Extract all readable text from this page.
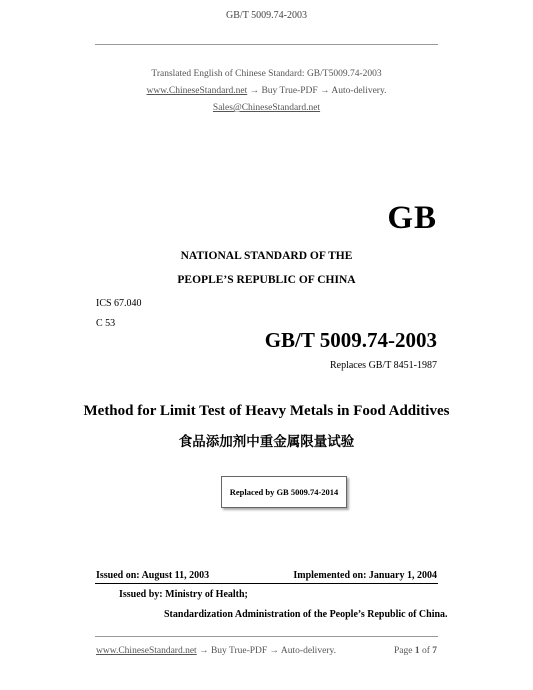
GB/T 5009.74-2003
Translated English of Chinese Standard: GB/T5009.74-2003
www.ChineseStandard.net → Buy True-PDF → Auto-delivery.
Sales@ChineseStandard.net
GB
NATIONAL STANDARD OF THE
PEOPLE’S REPUBLIC OF CHINA
ICS 67.040
C 53
GB/T 5009.74-2003
Replaces GB/T 8451-1987
Method for Limit Test of Heavy Metals in Food Additives
食品添加剂中重金属限量试验
Replaced by GB 5009.74-2014
Issued on: August 11, 2003	Implemented on: January 1, 2004
Issued by: Ministry of Health;
Standardization Administration of the People’s Republic of China.
www.ChineseStandard.net → Buy True-PDF → Auto-delivery.	Page 1 of 7
